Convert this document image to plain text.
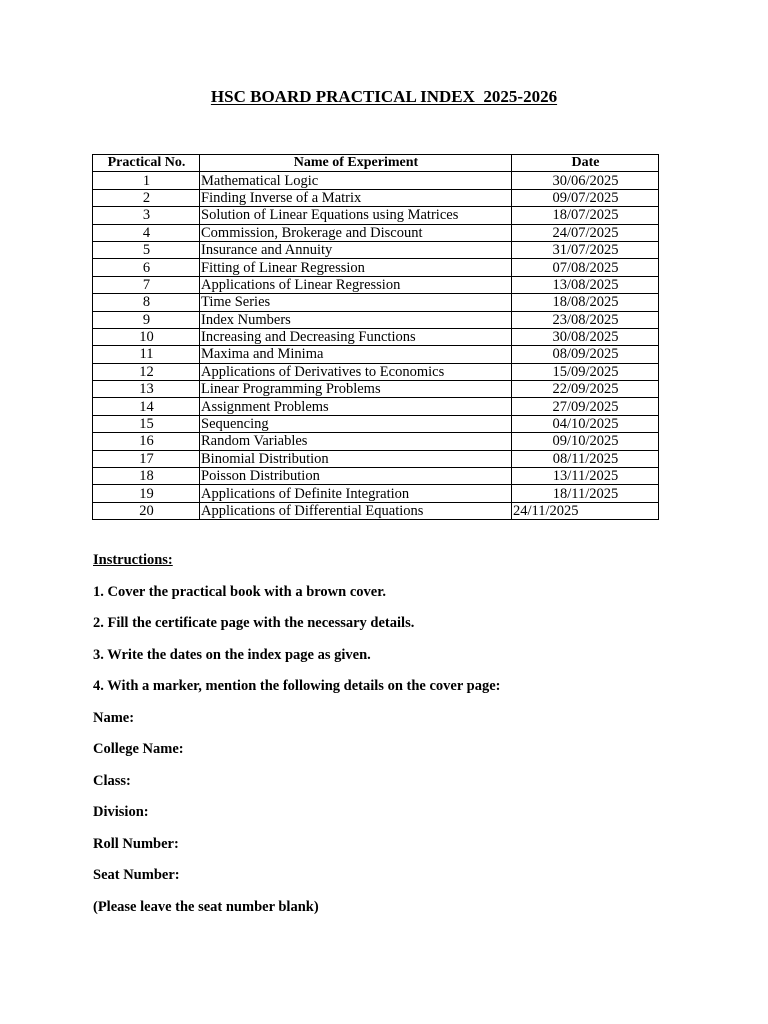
HSC BOARD PRACTICAL INDEX  2025-2026
Practical No.	Name of Experiment	Date
1	Mathematical Logic	30/06/2025
2	Finding Inverse of a Matrix	09/07/2025
3	Solution of Linear Equations using Matrices	18/07/2025
4	Commission, Brokerage and Discount	24/07/2025
5	Insurance and Annuity	31/07/2025
6	Fitting of Linear Regression	07/08/2025
7	Applications of Linear Regression	13/08/2025
8	Time Series	18/08/2025
9	Index Numbers	23/08/2025
10	Increasing and Decreasing Functions	30/08/2025
11	Maxima and Minima	08/09/2025
12	Applications of Derivatives to Economics	15/09/2025
13	Linear Programming Problems	22/09/2025
14	Assignment Problems	27/09/2025
15	Sequencing	04/10/2025
16	Random Variables	09/10/2025
17	Binomial Distribution	08/11/2025
18	Poisson Distribution	13/11/2025
19	Applications of Definite Integration	18/11/2025
20	Applications of Differential Equations	24/11/2025

Instructions:

1. Cover the practical book with a brown cover.

2. Fill the certificate page with the necessary details.

3. Write the dates on the index page as given.

4. With a marker, mention the following details on the cover page:

Name:

College Name:

Class:

Division:

Roll Number:

Seat Number:

(Please leave the seat number blank)
